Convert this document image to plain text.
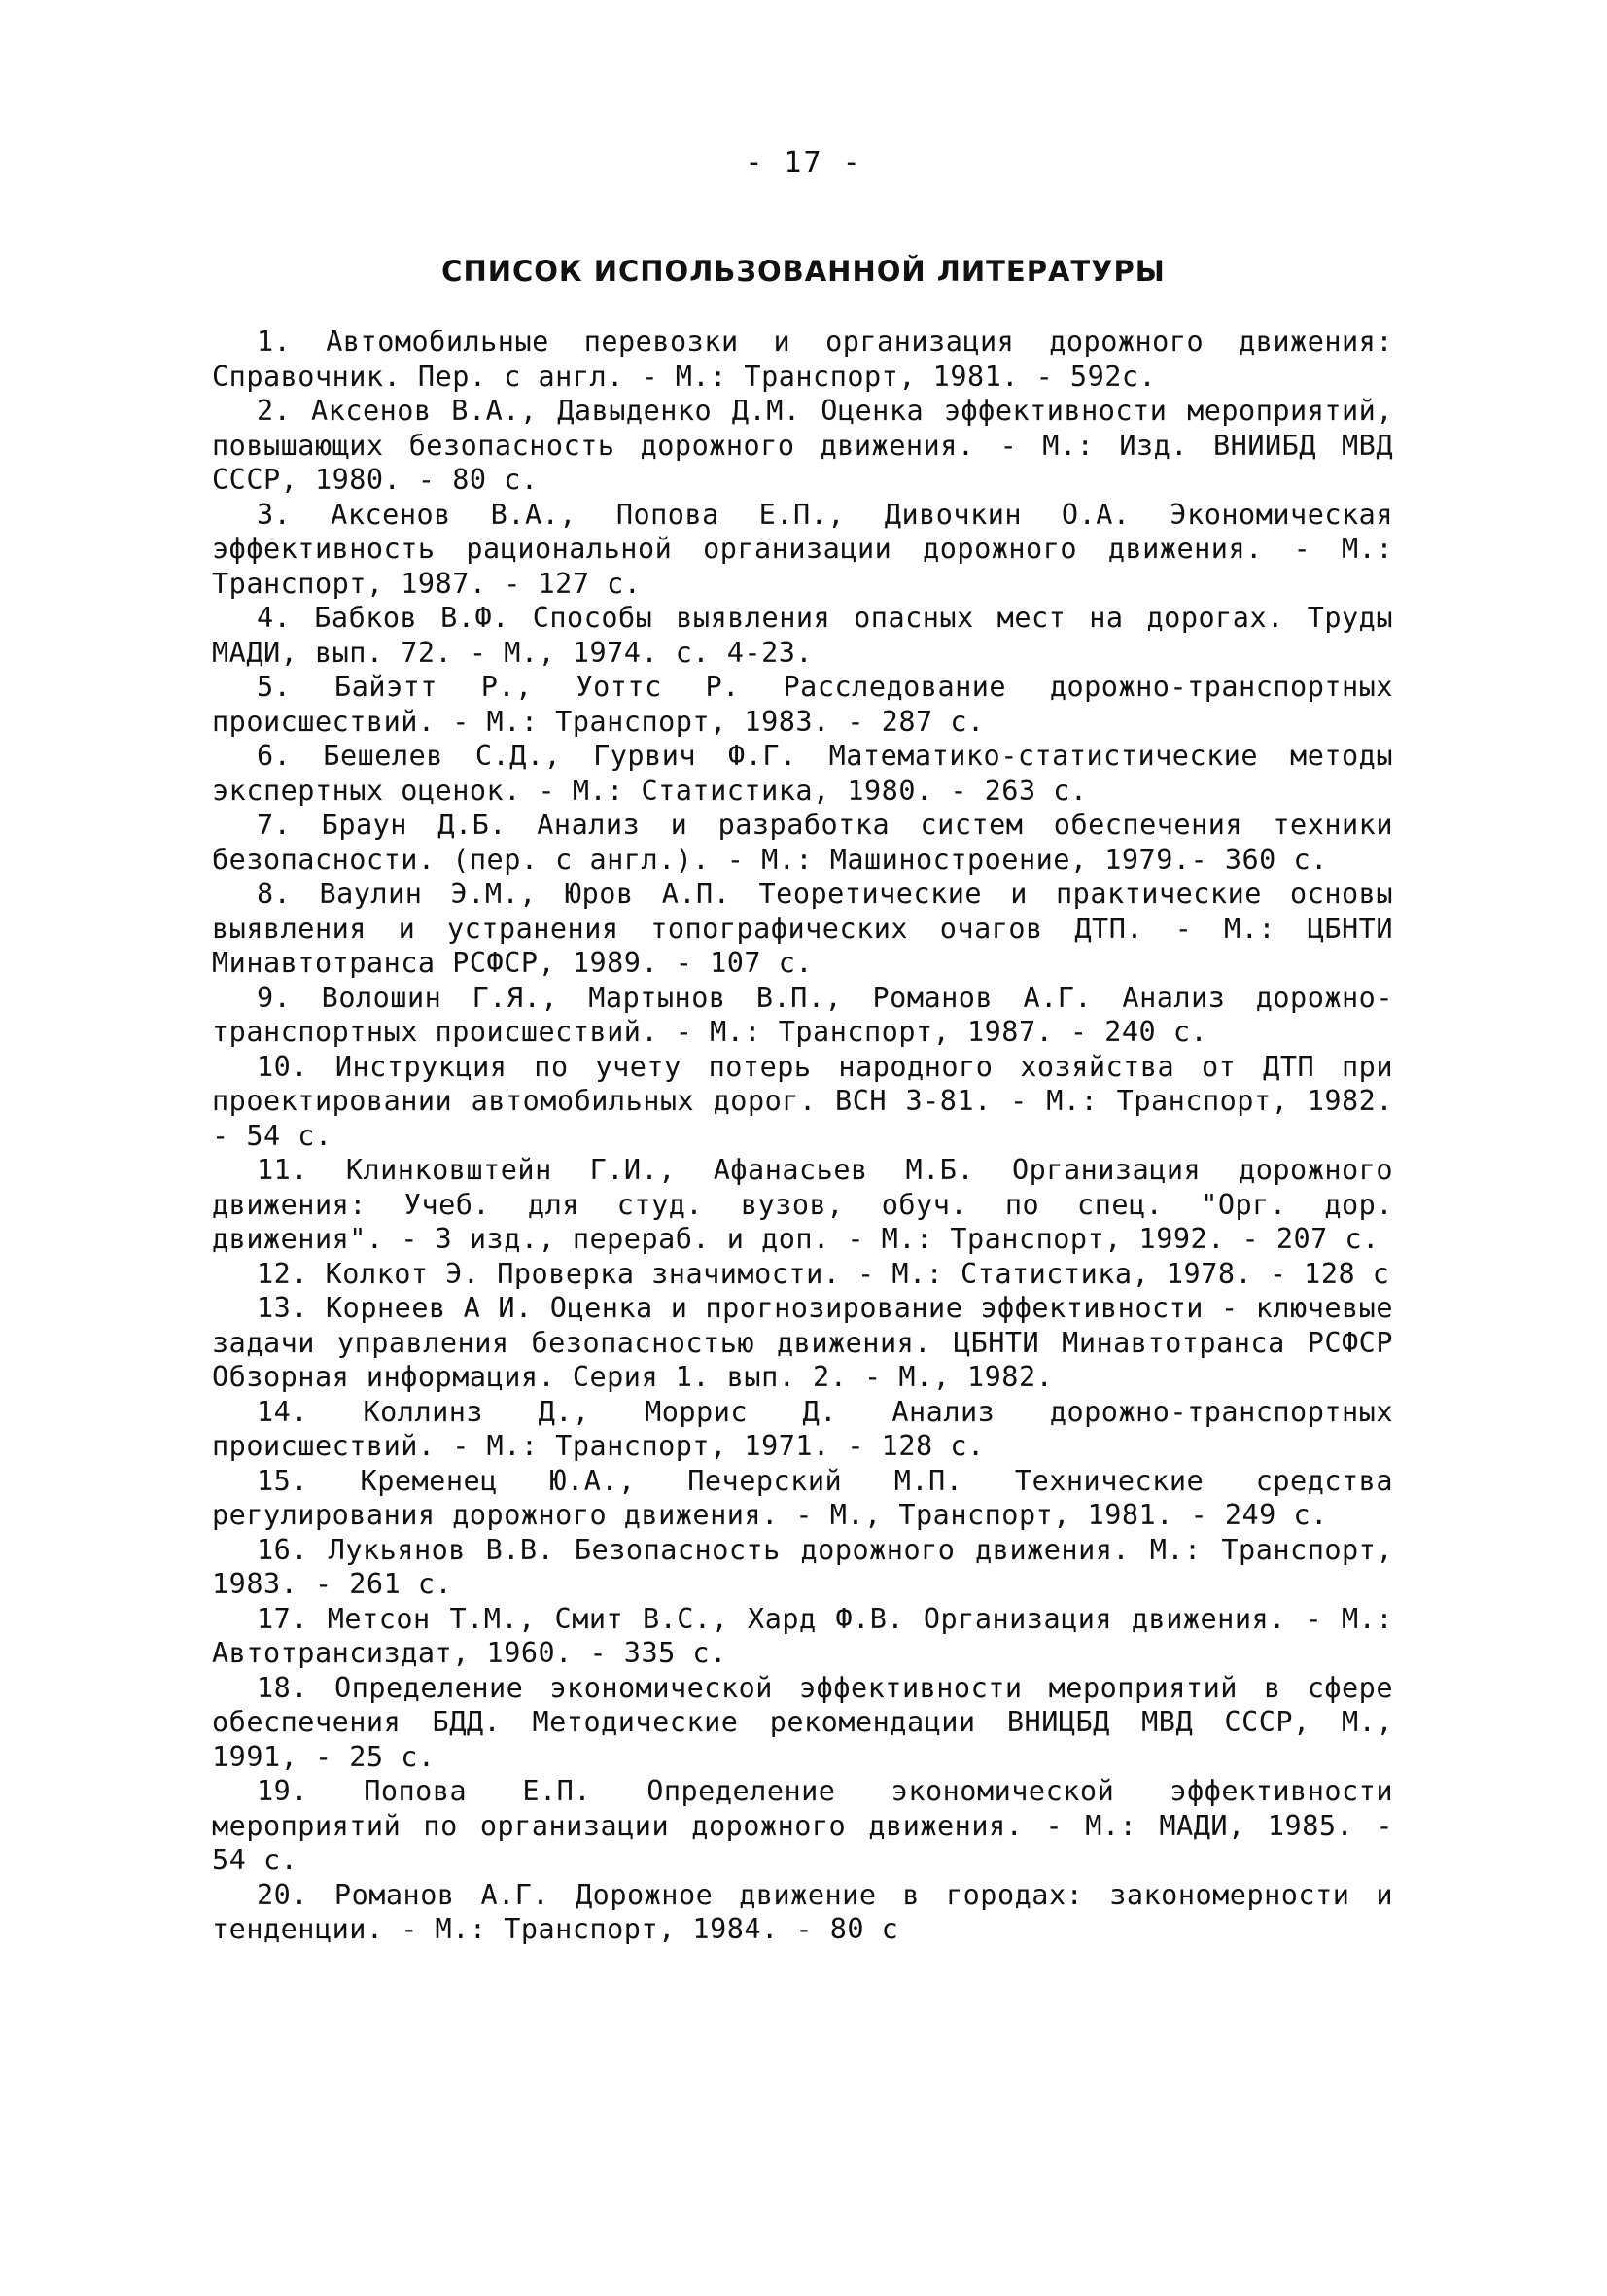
- 17 -
СПИСОК ИСПОЛЬЗОВАННОЙ ЛИТЕРАТУРЫ
1. Автомобильные перевозки и организация дорожного движения: Справочник. Пер. с англ. - М.: Транспорт, 1981. - 592с.
2. Аксенов В.А., Давыденко Д.М. Оценка эффективности мероприятий, повышающих безопасность дорожного движения. - М.: Изд. ВНИИБД МВД СССР, 1980. - 80 с.
3. Аксенов В.А., Попова Е.П., Дивочкин О.А. Экономическая эффективность рациональной организации дорожного движения. - М.: Транспорт, 1987. - 127 с.
4. Бабков В.Ф. Способы выявления опасных мест на дорогах. Труды МАДИ, вып. 72. - М., 1974. с. 4-23.
5. Байэтт Р., Уоттс Р. Расследование дорожно-транспортных происшествий. - М.: Транспорт, 1983. - 287 с.
6. Бешелев С.Д., Гурвич Ф.Г. Математико-статистические методы экспертных оценок. - М.: Статистика, 1980. - 263 с.
7. Браун Д.Б. Анализ и разработка систем обеспечения техники безопасности. (пер. с англ.). - М.: Машиностроение, 1979.- 360 с.
8. Ваулин Э.М., Юров А.П. Теоретические и практические основы выявления и устранения топографических очагов ДТП. - М.: ЦБНТИ Минавтотранса РСФСР, 1989. - 107 с.
9. Волошин Г.Я., Мартынов В.П., Романов А.Г. Анализ дорожно-транспортных происшествий. - М.: Транспорт, 1987. - 240 с.
10. Инструкция по учету потерь народного хозяйства от ДТП при проектировании автомобильных дорог. ВСН 3-81. - М.: Транспорт, 1982. - 54 с.
11. Клинковштейн Г.И., Афанасьев М.Б. Организация дорожного движения: Учеб. для студ. вузов, обуч. по спец. "Орг. дор. движения". - 3 изд., перераб. и доп. - М.: Транспорт, 1992. - 207 с.
12. Колкот Э. Проверка значимости. - М.: Статистика, 1978. - 128 с
13. Корнеев А И. Оценка и прогнозирование эффективности - ключевые задачи управления безопасностью движения. ЦБНТИ Минавтотранса РСФСР Обзорная информация. Серия 1. вып. 2. - М., 1982.
14. Коллинз Д., Моррис Д. Анализ дорожно-транспортных происшествий. - М.: Транспорт, 1971. - 128 с.
15. Кременец Ю.А., Печерский М.П. Технические средства регулирования дорожного движения. - М., Транспорт, 1981. - 249 с.
16. Лукьянов В.В. Безопасность дорожного движения. М.: Транспорт, 1983. - 261 с.
17. Метсон Т.М., Смит В.С., Хард Ф.В. Организация движения. - М.: Автотрансиздат, 1960. - 335 с.
18. Определение экономической эффективности мероприятий в сфере обеспечения БДД. Методические рекомендации ВНИЦБД МВД СССР, М., 1991, - 25 с.
19. Попова Е.П. Определение экономической эффективности мероприятий по организации дорожного движения. - М.: МАДИ, 1985. - 54 с.
20. Романов А.Г. Дорожное движение в городах: закономерности и тенденции. - М.: Транспорт, 1984. - 80 с
